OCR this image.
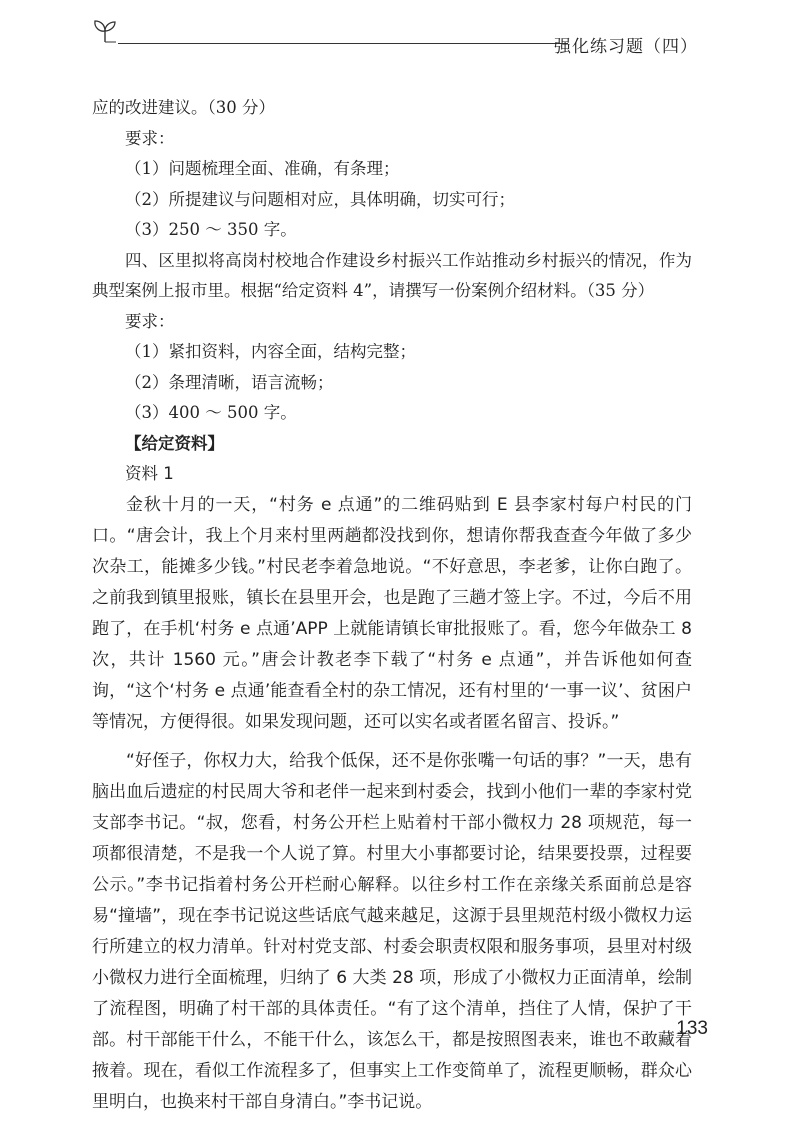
强化练习题（四）

应的改进建议。（30 分）

要求：

（1）问题梳理全面、准确，有条理；

（2）所提建议与问题相对应，具体明确，切实可行；

（3）250 ～ 350 字。

四、区里拟将高岗村校地合作建设乡村振兴工作站推动乡村振兴的情况，作为典型案例上报市里。根据“给定资料 4”，请撰写一份案例介绍材料。（35 分）

要求：

（1）紧扣资料，内容全面，结构完整；

（2）条理清晰，语言流畅；

（3）400 ～ 500 字。

【给定资料】

资料 1

金秋十月的一天，“村务 e 点通”的二维码贴到 E 县李家村每户村民的门口。“唐会计，我上个月来村里两趟都没找到你，想请你帮我查查今年做了多少次杂工，能摊多少钱。”村民老李着急地说。“不好意思，李老爹，让你白跑了。之前我到镇里报账，镇长在县里开会，也是跑了三趟才签上字。不过，今后不用跑了，在手机‘村务 e 点通’APP 上就能请镇长审批报账了。看，您今年做杂工 8 次，共计 1560 元。”唐会计教老李下载了“村务 e 点通”，并告诉他如何查询，“这个‘村务 e 点通’能查看全村的杂工情况，还有村里的‘一事一议’、贫困户等情况，方便得很。如果发现问题，还可以实名或者匿名留言、投诉。”

“好侄子，你权力大，给我个低保，还不是你张嘴一句话的事？”一天，患有脑出血后遗症的村民周大爷和老伴一起来到村委会，找到小他们一辈的李家村党支部李书记。“叔，您看，村务公开栏上贴着村干部小微权力 28 项规范，每一项都很清楚，不是我一个人说了算。村里大小事都要讨论，结果要投票，过程要公示。”李书记指着村务公开栏耐心解释。以往乡村工作在亲缘关系面前总是容易“撞墙”，现在李书记说这些话底气越来越足，这源于县里规范村级小微权力运行所建立的权力清单。针对村党支部、村委会职责权限和服务事项，县里对村级小微权力进行全面梳理，归纳了 6 大类 28 项，形成了小微权力正面清单，绘制了流程图，明确了村干部的具体责任。“有了这个清单，挡住了人情，保护了干部。村干部能干什么，不能干什么，该怎么干，都是按照图表来，谁也不敢藏着掖着。现在，看似工作流程多了，但事实上工作变简单了，流程更顺畅，群众心里明白，也换来村干部自身清白。”李书记说。

133
